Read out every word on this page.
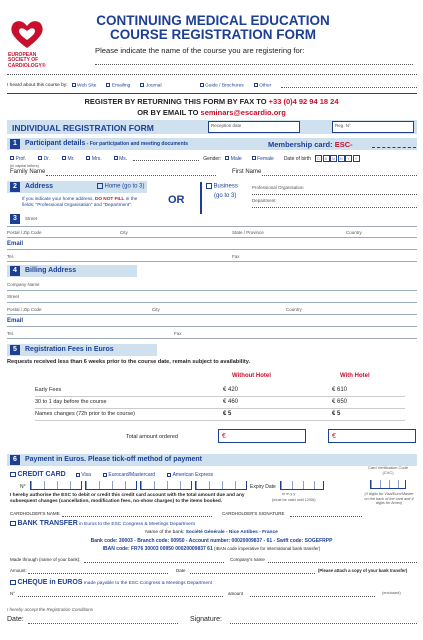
EUROPEAN
SOCIETY OF
CARDIOLOGY®
CONTINUING MEDICAL EDUCATION
COURSE REGISTRATION FORM
Please indicate the name of the course you are registering for:
I heard about this course by:	Web Site	Emailing	Journal	Guide / Brochures	Other
REGISTER BY RETURNING THIS FORM BY FAX TO +33 (0)4 92 94 18 24
OR BY EMAIL TO seminars@escardio.org
INDIVIDUAL REGISTRATION FORM	Reception date	Reg. N°
1	Participant details - For participation and meeting documents	Membership card: ESC-
Prof.	Dr.	Mr.	Mrs.	Ms.	Gender:	Male	Female Date of birth	D D M M Y Y
(in capital letters)
Family Name	First Name
2	Address	Home (go to 3)
If you indicate your home address, DO NOT FILL in the
fields: "Professional Organisation" and "Department".	OR
Business
(go to 3)
Professional Organisation
Department
3	Street
Postal / Zip Code	City	State / Province	Country
Email
Tel.	Fax
4	Billing Address
Company Name
Street
Postal / Zip Code	City	Country
Email
Tel.	Fax
5	Registration Fees in Euros
Requests received less than 6 weeks prior to the course date, remain subject to availability.
Without Hotel	With Hotel
Early Fees	€ 420	€ 610
30 to 1 day before the course	€ 460	€ 650
Names changes (72h prior to the course)	€ 5	€ 5
Total amount ordered	€	€
6	Payment in Euros. Please tick-off method of payment
CREDIT CARD	Visa	Eurocard/Mastercard	American Express
N°	Expiry Date
m m y y
(must be valid until 12/06)
Card Verification Code (CVC)
(3 digits for Visa/Euro/Master on the back of the card and 4 digits for Amex)
I hereby authorise the ESC to debit or credit this credit card account with the total amount due and any subsequent changes (cancellation, modification fees, no-show charges) to the items booked.
CARDHOLDER'S NAME	CARDHOLDER'S SIGNATURE
BANK TRANSFER in Euros to the ESC Congress & Meetings Department
Name of the bank: Société Générale - Nice Antibes - France
Bank code: 30003 - Branch code: 00950 - Account number: 00020009837 - 61 - Swift code: SOGEFRPP
IBAN code: FR76 30003 00950 00020009837 61 (IBAN code imperative for international bank transfer)
Made through (name of your bank):	Company's name
Amount:	Date	(Please attach a copy of your bank transfer)
CHEQUE in EUROS made payable to the ESC Congress & Meetings Department
N°	amount	(enclosed)
I hereby accept the Registration Conditions
Date:	Signature:
